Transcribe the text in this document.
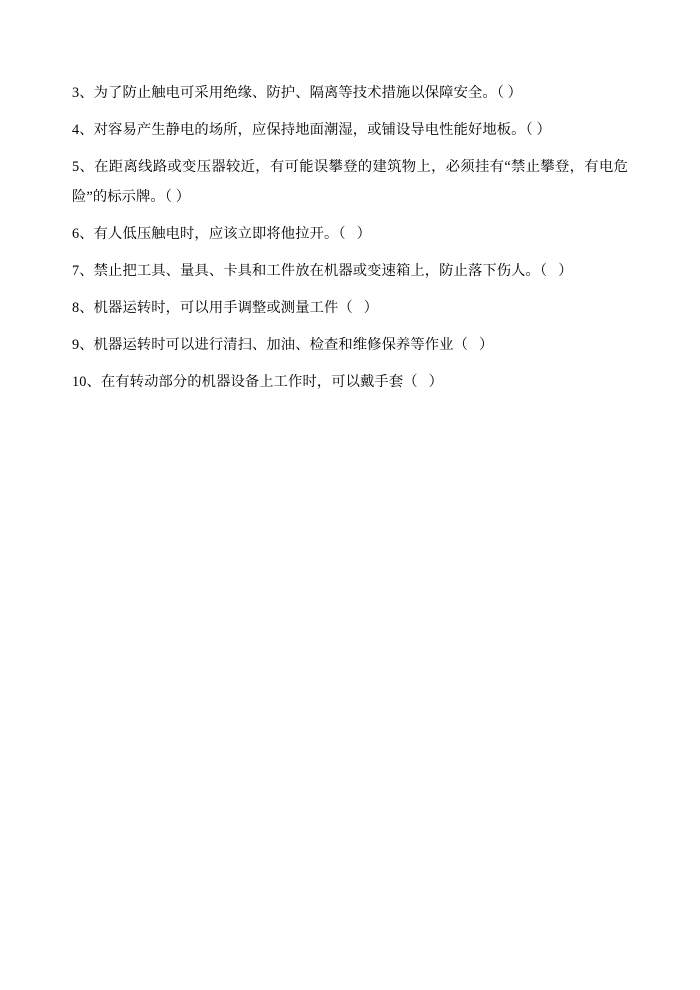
3、为了防止触电可采用绝缘、防护、隔离等技术措施以保障安全。（ ）

4、对容易产生静电的场所，应保持地面潮湿，或铺设导电性能好地板。（ ）

5、在距离线路或变压器较近，有可能误攀登的建筑物上，必须挂有“禁止攀登，有电危险”的标示牌。（ ）

6、有人低压触电时，应该立即将他拉开。（   ）

7、禁止把工具、量具、卡具和工件放在机器或变速箱上，防止落下伤人。（   ）

8、机器运转时，可以用手调整或测量工件（   ）

9、机器运转时可以进行清扫、加油、检查和维修保养等作业（   ）

10、在有转动部分的机器设备上工作时，可以戴手套（   ）
